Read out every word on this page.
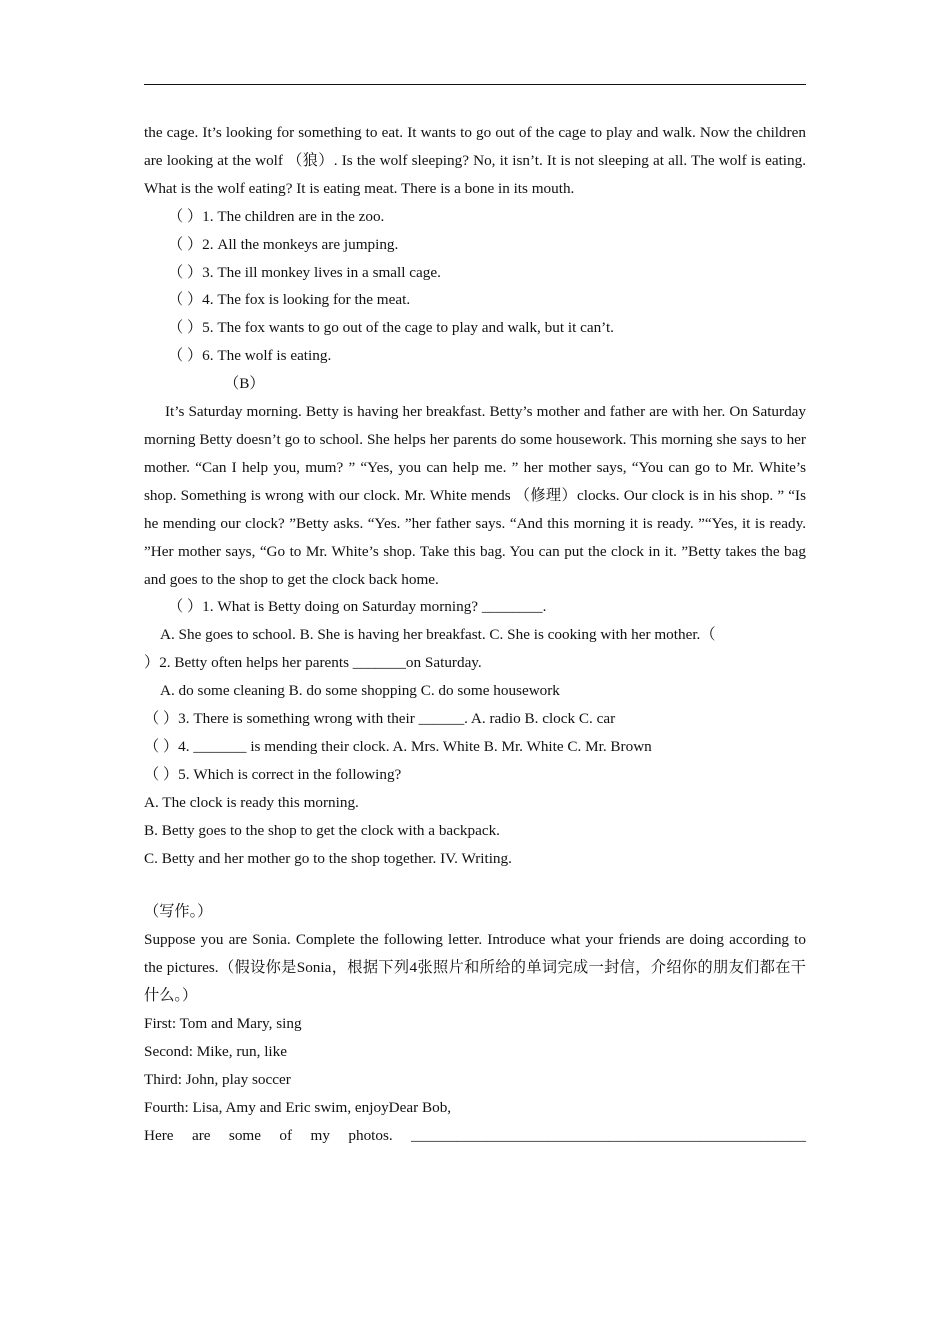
the cage. It’s looking for something to eat. It wants to go out of the cage to play and walk. Now the children are looking at the wolf （狼）. Is the wolf sleeping? No, it isn’t. It is not sleeping at all. The wolf is eating. What is the wolf eating? It is eating meat. There is a bone in its mouth.

（ ）1. The children are in the zoo.

（ ）2. All the monkeys are jumping.

（ ）3. The ill monkey lives in a small cage.

（ ）4. The fox is looking for the meat.

（ ）5. The fox wants to go out of the cage to play and walk, but it can’t.

（ ）6. The wolf is eating.

（B）

It’s Saturday morning. Betty is having her breakfast. Betty’s mother and father are with her. On Saturday morning Betty doesn’t go to school. She helps her parents do some housework. This morning she says to her mother. “Can I help you, mum? ” “Yes, you can help me. ” her mother says, “You can go to Mr. White’s shop. Something is wrong with our clock. Mr. White mends （修理）clocks. Our clock is in his shop. ” “Is he mending our clock? ”Betty asks. “Yes. ”her father says. “And this morning it is ready. ”“Yes, it is ready. ”Her mother says, “Go to Mr. White’s shop. Take this bag. You can put the clock in it. ”Betty takes the bag and goes to the shop to get the clock back home.

（ ）1. What is Betty doing on Saturday morning? ________.

A. She goes to school. B. She is having her breakfast. C. She is cooking with her mother.（

）2. Betty often helps her parents _______on Saturday.

A. do some cleaning B. do some shopping C. do some housework

（ ）3. There is something wrong with their ______. A. radio B. clock C. car

（ ）4. _______ is mending their clock. A. Mrs. White B. Mr. White C. Mr. Brown

（ ）5. Which is correct in the following?

A. The clock is ready this morning.

B. Betty goes to the shop to get the clock with a backpack.

C. Betty and her mother go to the shop together. IV. Writing.

（写作。）

Suppose you are Sonia. Complete the following letter. Introduce what your friends are doing according to the pictures.（假设你是Sonia，根据下列4张照片和所给的单词完成一封信，介绍你的朋友们都在干什么。）

First: Tom and Mary, sing

Second: Mike, run, like

Third: John, play soccer

Fourth: Lisa, Amy and Eric swim, enjoyDear Bob,

Here are some of my photos. ____________________________________________________
